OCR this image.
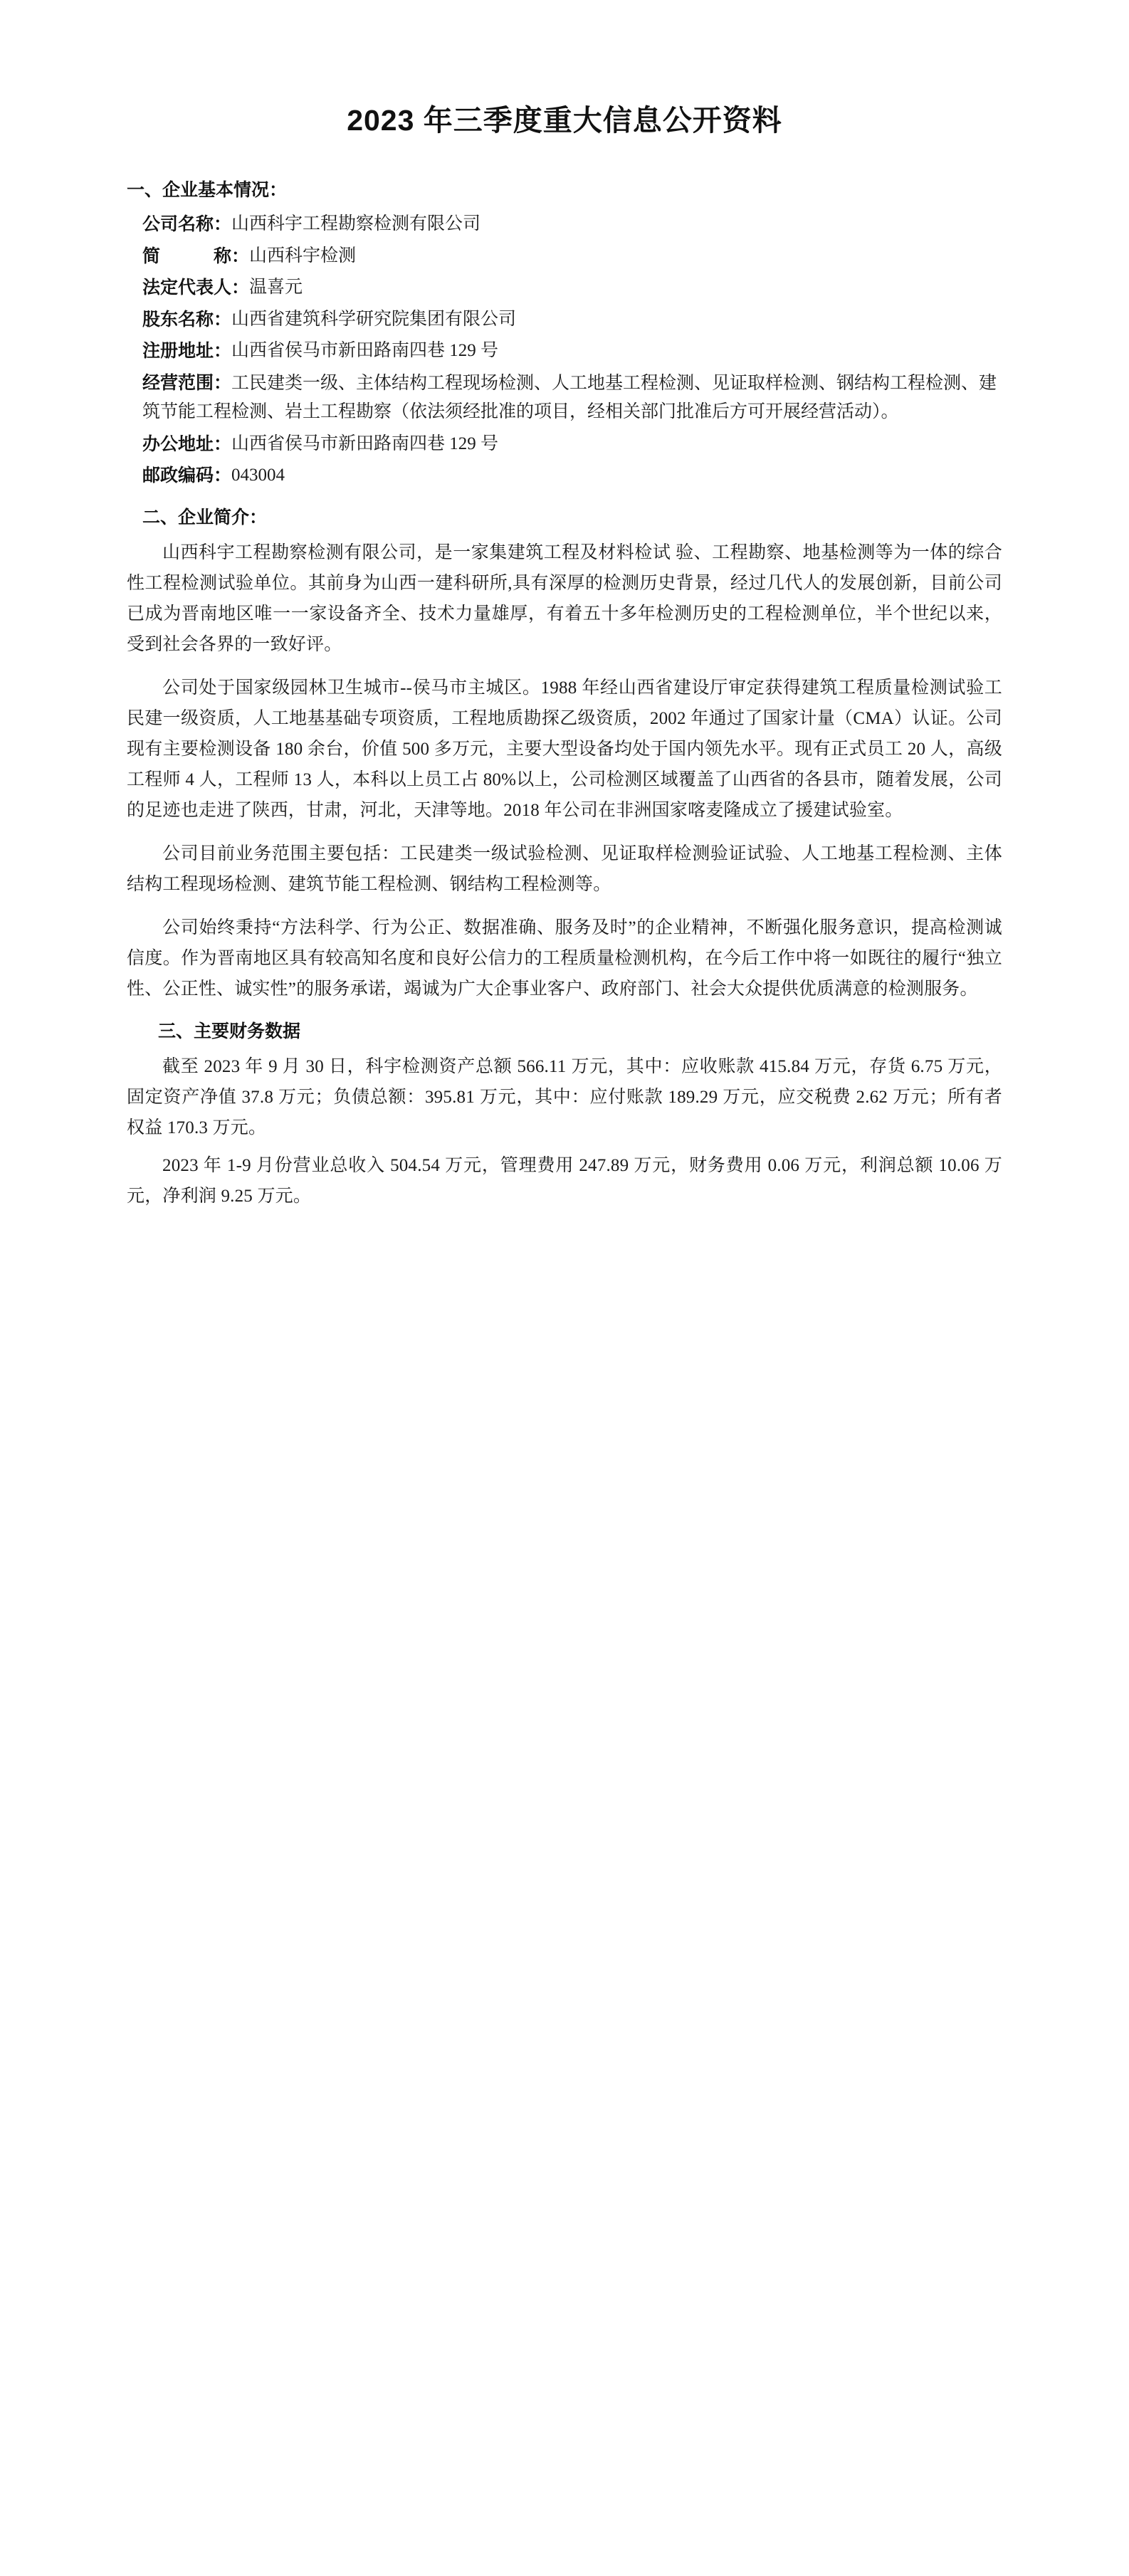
2023 年三季度重大信息公开资料
一、企业基本情况：
公司名称： 山西科宇工程勘察检测有限公司
简　　　称： 山西科宇检测
法定代表人： 温喜元
股东名称： 山西省建筑科学研究院集团有限公司
注册地址： 山西省侯马市新田路南四巷 129 号
经营范围：工民建类一级、主体结构工程现场检测、人工地基工程检测、见证取样检测、钢结构工程检测、建筑节能工程检测、岩土工程勘察（依法须经批准的项目，经相关部门批准后方可开展经营活动）。
办公地址： 山西省侯马市新田路南四巷 129 号
邮政编码： 043004
二、企业简介：

山西科宇工程勘察检测有限公司，是一家集建筑工程及材料检试 验、工程勘察、地基检测等为一体的综合性工程检测试验单位。其前身为山西一建科研所,具有深厚的检测历史背景，经过几代人的发展创新，目前公司已成为晋南地区唯一一家设备齐全、技术力量雄厚，有着五十多年检测历史的工程检测单位，半个世纪以来，受到社会各界的一致好评。

公司处于国家级园林卫生城市--侯马市主城区。1988 年经山西省建设厅审定获得建筑工程质量检测试验工民建一级资质，人工地基基础专项资质，工程地质勘探乙级资质，2002 年通过了国家计量（CMA）认证。公司现有主要检测设备 180 余台，价值 500 多万元，主要大型设备均处于国内领先水平。现有正式员工 20 人，高级工程师 4 人，工程师 13 人，本科以上员工占 80%以上，公司检测区域覆盖了山西省的各县市，随着发展，公司的足迹也走进了陕西，甘肃，河北，天津等地。2018 年公司在非洲国家喀麦隆成立了援建试验室。

公司目前业务范围主要包括：工民建类一级试验检测、见证取样检测验证试验、人工地基工程检测、主体结构工程现场检测、建筑节能工程检测、钢结构工程检测等。

公司始终秉持“方法科学、行为公正、数据准确、服务及时”的企业精神，不断强化服务意识，提高检测诚信度。作为晋南地区具有较高知名度和良好公信力的工程质量检测机构，在今后工作中将一如既往的履行“独立性、公正性、诚实性”的服务承诺，竭诚为广大企事业客户、政府部门、社会大众提供优质满意的检测服务。

三、主要财务数据

截至 2023 年 9 月 30 日，科宇检测资产总额 566.11 万元，其中：应收账款 415.84 万元，存货 6.75 万元，固定资产净值 37.8 万元；负债总额：395.81 万元，其中：应付账款 189.29 万元，应交税费 2.62 万元；所有者权益 170.3 万元。

2023 年 1-9 月份营业总收入 504.54 万元，管理费用 247.89 万元，财务费用 0.06 万元，利润总额 10.06 万元，净利润 9.25 万元。
